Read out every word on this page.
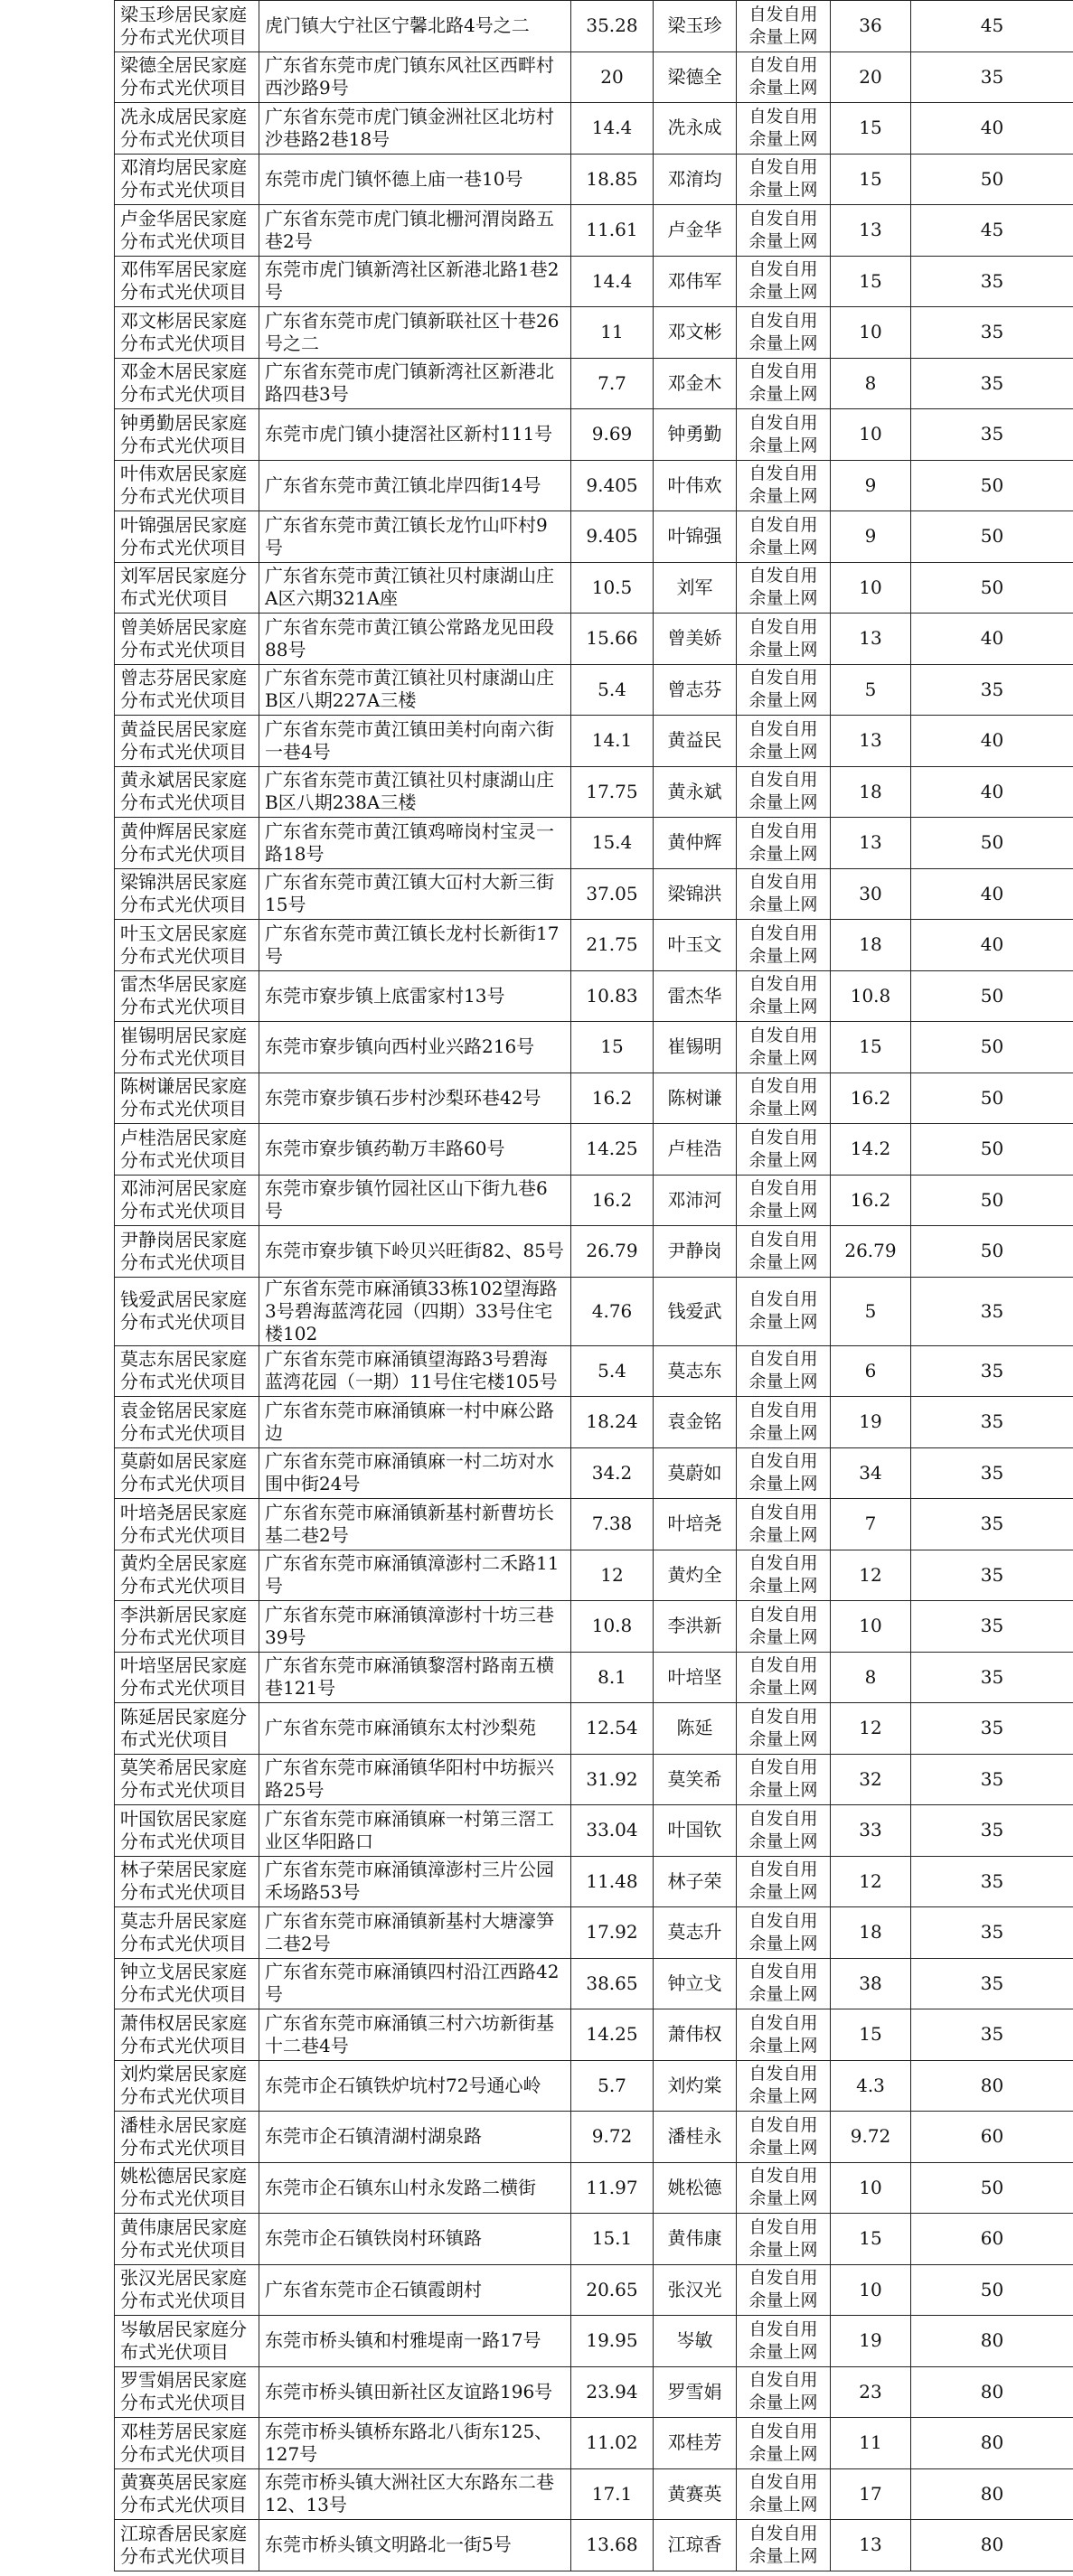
	梁玉珍居民家庭分布式光伏项目	虎门镇大宁社区宁馨北路4号之二	35.28	梁玉珍	自发自用余量上网	36	45
	梁德全居民家庭分布式光伏项目	广东省东莞市虎门镇东风社区西畔村西沙路9号	20	梁德全	自发自用余量上网	20	35
	冼永成居民家庭分布式光伏项目	广东省东莞市虎门镇金洲社区北坊村沙巷路2巷18号	14.4	冼永成	自发自用余量上网	15	40
	邓淯均居民家庭分布式光伏项目	东莞市虎门镇怀德上庙一巷10号	18.85	邓淯均	自发自用余量上网	15	50
	卢金华居民家庭分布式光伏项目	广东省东莞市虎门镇北栅河渭岗路五巷2号	11.61	卢金华	自发自用余量上网	13	45
	邓伟军居民家庭分布式光伏项目	东莞市虎门镇新湾社区新港北路1巷2号	14.4	邓伟军	自发自用余量上网	15	35
	邓文彬居民家庭分布式光伏项目	广东省东莞市虎门镇新联社区十巷26号之二	11	邓文彬	自发自用余量上网	10	35
	邓金木居民家庭分布式光伏项目	广东省东莞市虎门镇新湾社区新港北路四巷3号	7.7	邓金木	自发自用余量上网	8	35
	钟勇勤居民家庭分布式光伏项目	东莞市虎门镇小捷滘社区新村111号	9.69	钟勇勤	自发自用余量上网	10	35
	叶伟欢居民家庭分布式光伏项目	广东省东莞市黄江镇北岸四街14号	9.405	叶伟欢	自发自用余量上网	9	50
	叶锦强居民家庭分布式光伏项目	广东省东莞市黄江镇长龙竹山吓村9号	9.405	叶锦强	自发自用余量上网	9	50
	刘军居民家庭分布式光伏项目	广东省东莞市黄江镇社贝村康湖山庄A区六期321A座	10.5	刘军	自发自用余量上网	10	50
	曾美娇居民家庭分布式光伏项目	广东省东莞市黄江镇公常路龙见田段88号	15.66	曾美娇	自发自用余量上网	13	40
	曾志芬居民家庭分布式光伏项目	广东省东莞市黄江镇社贝村康湖山庄B区八期227A三楼	5.4	曾志芬	自发自用余量上网	5	35
	黄益民居民家庭分布式光伏项目	广东省东莞市黄江镇田美村向南六街一巷4号	14.1	黄益民	自发自用余量上网	13	40
	黄永斌居民家庭分布式光伏项目	广东省东莞市黄江镇社贝村康湖山庄B区八期238A三楼	17.75	黄永斌	自发自用余量上网	18	40
	黄仲辉居民家庭分布式光伏项目	广东省东莞市黄江镇鸡啼岗村宝灵一路18号	15.4	黄仲辉	自发自用余量上网	13	50
	梁锦洪居民家庭分布式光伏项目	广东省东莞市黄江镇大冚村大新三街15号	37.05	梁锦洪	自发自用余量上网	30	40
	叶玉文居民家庭分布式光伏项目	广东省东莞市黄江镇长龙村长新街17号	21.75	叶玉文	自发自用余量上网	18	40
	雷杰华居民家庭分布式光伏项目	东莞市寮步镇上底雷家村13号	10.83	雷杰华	自发自用余量上网	10.8	50
	崔锡明居民家庭分布式光伏项目	东莞市寮步镇向西村业兴路216号	15	崔锡明	自发自用余量上网	15	50
	陈树谦居民家庭分布式光伏项目	东莞市寮步镇石步村沙梨环巷42号	16.2	陈树谦	自发自用余量上网	16.2	50
	卢桂浩居民家庭分布式光伏项目	东莞市寮步镇药勒万丰路60号	14.25	卢桂浩	自发自用余量上网	14.2	50
	邓沛河居民家庭分布式光伏项目	东莞市寮步镇竹园社区山下街九巷6号	16.2	邓沛河	自发自用余量上网	16.2	50
	尹静岗居民家庭分布式光伏项目	东莞市寮步镇下岭贝兴旺街82、85号	26.79	尹静岗	自发自用余量上网	26.79	50
	钱爱武居民家庭分布式光伏项目	广东省东莞市麻涌镇33栋102望海路3号碧海蓝湾花园（四期）33号住宅楼102	4.76	钱爱武	自发自用余量上网	5	35
	莫志东居民家庭分布式光伏项目	广东省东莞市麻涌镇望海路3号碧海蓝湾花园（一期）11号住宅楼105号	5.4	莫志东	自发自用余量上网	6	35
	袁金铭居民家庭分布式光伏项目	广东省东莞市麻涌镇麻一村中麻公路边	18.24	袁金铭	自发自用余量上网	19	35
	莫蔚如居民家庭分布式光伏项目	广东省东莞市麻涌镇麻一村二坊对水围中街24号	34.2	莫蔚如	自发自用余量上网	34	35
	叶培尧居民家庭分布式光伏项目	广东省东莞市麻涌镇新基村新曹坊长基二巷2号	7.38	叶培尧	自发自用余量上网	7	35
	黄灼全居民家庭分布式光伏项目	广东省东莞市麻涌镇漳澎村二禾路11号	12	黄灼全	自发自用余量上网	12	35
	李洪新居民家庭分布式光伏项目	广东省东莞市麻涌镇漳澎村十坊三巷39号	10.8	李洪新	自发自用余量上网	10	35
	叶培坚居民家庭分布式光伏项目	广东省东莞市麻涌镇黎滘村路南五横巷121号	8.1	叶培坚	自发自用余量上网	8	35
	陈延居民家庭分布式光伏项目	广东省东莞市麻涌镇东太村沙梨苑	12.54	陈延	自发自用余量上网	12	35
	莫笑希居民家庭分布式光伏项目	广东省东莞市麻涌镇华阳村中坊振兴路25号	31.92	莫笑希	自发自用余量上网	32	35
	叶国钦居民家庭分布式光伏项目	广东省东莞市麻涌镇麻一村第三滘工业区华阳路口	33.04	叶国钦	自发自用余量上网	33	35
	林子荣居民家庭分布式光伏项目	广东省东莞市麻涌镇漳澎村三片公园禾场路53号	11.48	林子荣	自发自用余量上网	12	35
	莫志升居民家庭分布式光伏项目	广东省东莞市麻涌镇新基村大塘濠笋二巷2号	17.92	莫志升	自发自用余量上网	18	35
	钟立戈居民家庭分布式光伏项目	广东省东莞市麻涌镇四村沿江西路42号	38.65	钟立戈	自发自用余量上网	38	35
	萧伟权居民家庭分布式光伏项目	广东省东莞市麻涌镇三村六坊新街基十二巷4号	14.25	萧伟权	自发自用余量上网	15	35
	刘灼棠居民家庭分布式光伏项目	东莞市企石镇铁炉坑村72号通心岭	5.7	刘灼棠	自发自用余量上网	4.3	80
	潘桂永居民家庭分布式光伏项目	东莞市企石镇清湖村湖泉路	9.72	潘桂永	自发自用余量上网	9.72	60
	姚松德居民家庭分布式光伏项目	东莞市企石镇东山村永发路二横街	11.97	姚松德	自发自用余量上网	10	50
	黄伟康居民家庭分布式光伏项目	东莞市企石镇铁岗村环镇路	15.1	黄伟康	自发自用余量上网	15	60
	张汉光居民家庭分布式光伏项目	广东省东莞市企石镇霞朗村	20.65	张汉光	自发自用余量上网	10	50
	岑敏居民家庭分布式光伏项目	东莞市桥头镇和村雅堤南一路17号	19.95	岑敏	自发自用余量上网	19	80
	罗雪娟居民家庭分布式光伏项目	东莞市桥头镇田新社区友谊路196号	23.94	罗雪娟	自发自用余量上网	23	80
	邓桂芳居民家庭分布式光伏项目	东莞市桥头镇桥东路北八街东125、127号	11.02	邓桂芳	自发自用余量上网	11	80
	黄赛英居民家庭分布式光伏项目	东莞市桥头镇大洲社区大东路东二巷12、13号	17.1	黄赛英	自发自用余量上网	17	80
	江琼香居民家庭分布式光伏项目	东莞市桥头镇文明路北一街5号	13.68	江琼香	自发自用余量上网	13	80
